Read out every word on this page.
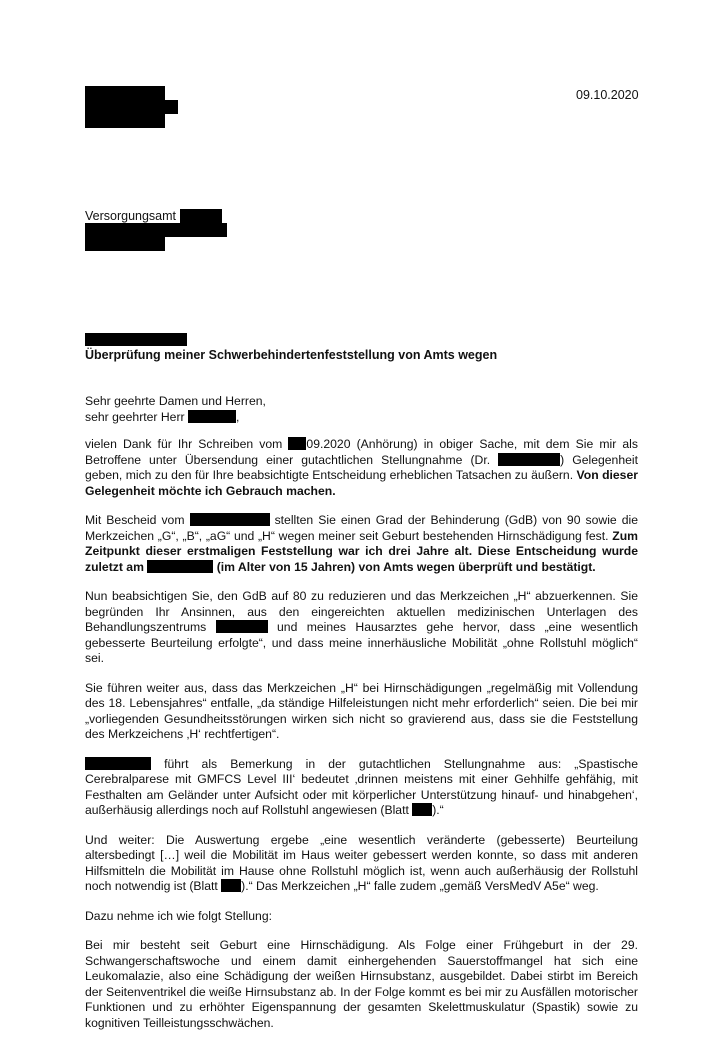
09.10.2020
Versorgungsamt
Überprüfung meiner Schwerbehindertenfeststellung von Amts wegen

Sehr geehrte Damen und Herren,
sehr geehrter Herr	,

vielen Dank für Ihr Schreiben vom 09.2020 (Anhörung) in obiger Sache, mit dem Sie mir als Betroffene unter Übersendung einer gutachtlichen Stellungnahme (Dr.	) Gelegenheit geben, mich zu den für Ihre beabsichtigte Entscheidung erheblichen Tatsachen zu äußern. Von dieser Gelegenheit möchte ich Gebrauch machen.

Mit Bescheid vom	stellten Sie einen Grad der Behinderung (GdB) von 90 sowie die Merkzeichen „G“, „B“, „aG“ und „H“ wegen meiner seit Geburt bestehenden Hirnschädigung fest. Zum Zeitpunkt dieser erstmaligen Feststellung war ich drei Jahre alt. Diese Entscheidung wurde zuletzt am	(im Alter von 15 Jahren) von Amts wegen überprüft und bestätigt.

Nun beabsichtigen Sie, den GdB auf 80 zu reduzieren und das Merkzeichen „H“ abzuerkennen. Sie begründen Ihr Ansinnen, aus den eingereichten aktuellen medizinischen Unterlagen des Behandlungszentrums	und meines Hausarztes gehe hervor, dass „eine wesentlich gebesserte Beurteilung erfolgte“, und dass meine innerhäusliche Mobilität „ohne Rollstuhl möglich“ sei.

Sie führen weiter aus, dass das Merkzeichen „H“ bei Hirnschädigungen „regelmäßig mit Vollendung des 18. Lebensjahres“ entfalle, „da ständige Hilfeleistungen nicht mehr erforderlich“ seien. Die bei mir „vorliegenden Gesundheitsstörungen wirken sich nicht so gravierend aus, dass sie die Feststellung des Merkzeichens ‚H‘ rechtfertigen“.

führt als Bemerkung in der gutachtlichen Stellungnahme aus: „Spastische Cerebralparese mit GMFCS Level III‘ bedeutet ‚drinnen meistens mit einer Gehhilfe gehfähig, mit Festhalten am Geländer unter Aufsicht oder mit körperlicher Unterstützung hinauf- und hinabgehen‘, außerhäusig allerdings noch auf Rollstuhl angewiesen (Blatt ).“

Und weiter: Die Auswertung ergebe „eine wesentlich veränderte (gebesserte) Beurteilung altersbedingt […] weil die Mobilität im Haus weiter gebessert werden konnte, so dass mit anderen Hilfsmitteln die Mobilität im Hause ohne Rollstuhl möglich ist, wenn auch außerhäusig der Rollstuhl noch notwendig ist (Blatt ).“ Das Merkzeichen „H“ falle zudem „gemäß VersMedV A5e“ weg.

Dazu nehme ich wie folgt Stellung:

Bei mir besteht seit Geburt eine Hirnschädigung. Als Folge einer Frühgeburt in der 29. Schwangerschaftswoche und einem damit einhergehenden Sauerstoffmangel hat sich eine Leukomalazie, also eine Schädigung der weißen Hirnsubstanz, ausgebildet. Dabei stirbt im Bereich der Seitenventrikel die weiße Hirnsubstanz ab. In der Folge kommt es bei mir zu Ausfällen motorischer Funktionen und zu erhöhter Eigenspannung der gesamten Skelettmuskulatur (Spastik) sowie zu kognitiven Teilleistungsschwächen.
